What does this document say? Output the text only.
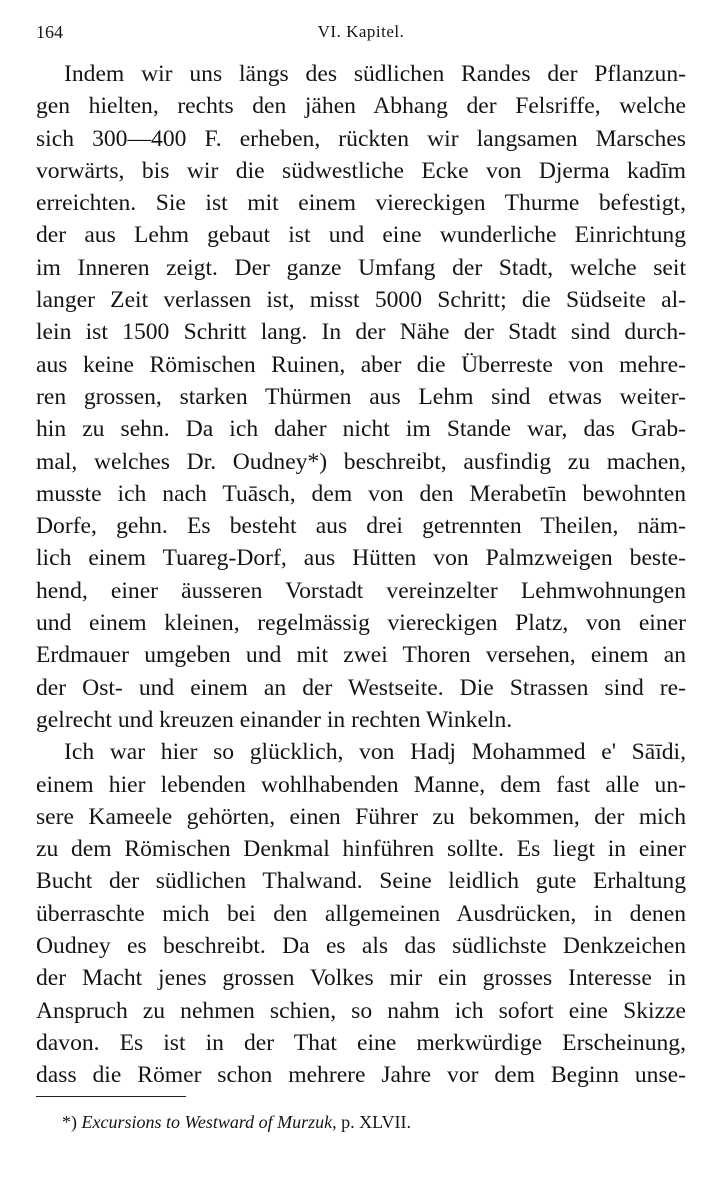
164	VI. Kapitel.
Indem wir uns längs des südlichen Randes der Pflanzun-
gen hielten, rechts den jähen Abhang der Felsriffe, welche
sich 300—400 F. erheben, rückten wir langsamen Marsches
vorwärts, bis wir die südwestliche Ecke von Djerma kadīm
erreichten. Sie ist mit einem viereckigen Thurme befestigt,
der aus Lehm gebaut ist und eine wunderliche Einrichtung
im Inneren zeigt. Der ganze Umfang der Stadt, welche seit
langer Zeit verlassen ist, misst 5000 Schritt; die Südseite al-
lein ist 1500 Schritt lang. In der Nähe der Stadt sind durch-
aus keine Römischen Ruinen, aber die Überreste von mehre-
ren grossen, starken Thürmen aus Lehm sind etwas weiter-
hin zu sehn. Da ich daher nicht im Stande war, das Grab-
mal, welches Dr. Oudney*) beschreibt, ausfindig zu machen,
musste ich nach Tuāsch, dem von den Merabetīn bewohnten
Dorfe, gehn. Es besteht aus drei getrennten Theilen, näm-
lich einem Tuareg-Dorf, aus Hütten von Palmzweigen beste-
hend, einer äusseren Vorstadt vereinzelter Lehmwohnungen
und einem kleinen, regelmässig viereckigen Platz, von einer
Erdmauer umgeben und mit zwei Thoren versehen, einem an
der Ost- und einem an der Westseite. Die Strassen sind re-
gelrecht und kreuzen einander in rechten Winkeln.
Ich war hier so glücklich, von Hadj Mohammed e' Sāīdi,
einem hier lebenden wohlhabenden Manne, dem fast alle un-
sere Kameele gehörten, einen Führer zu bekommen, der mich
zu dem Römischen Denkmal hinführen sollte. Es liegt in einer
Bucht der südlichen Thalwand. Seine leidlich gute Erhaltung
überraschte mich bei den allgemeinen Ausdrücken, in denen
Oudney es beschreibt. Da es als das südlichste Denkzeichen
der Macht jenes grossen Volkes mir ein grosses Interesse in
Anspruch zu nehmen schien, so nahm ich sofort eine Skizze
davon. Es ist in der That eine merkwürdige Erscheinung,
dass die Römer schon mehrere Jahre vor dem Beginn unse-
*) Excursions to Westward of Murzuk, p. XLVII.
